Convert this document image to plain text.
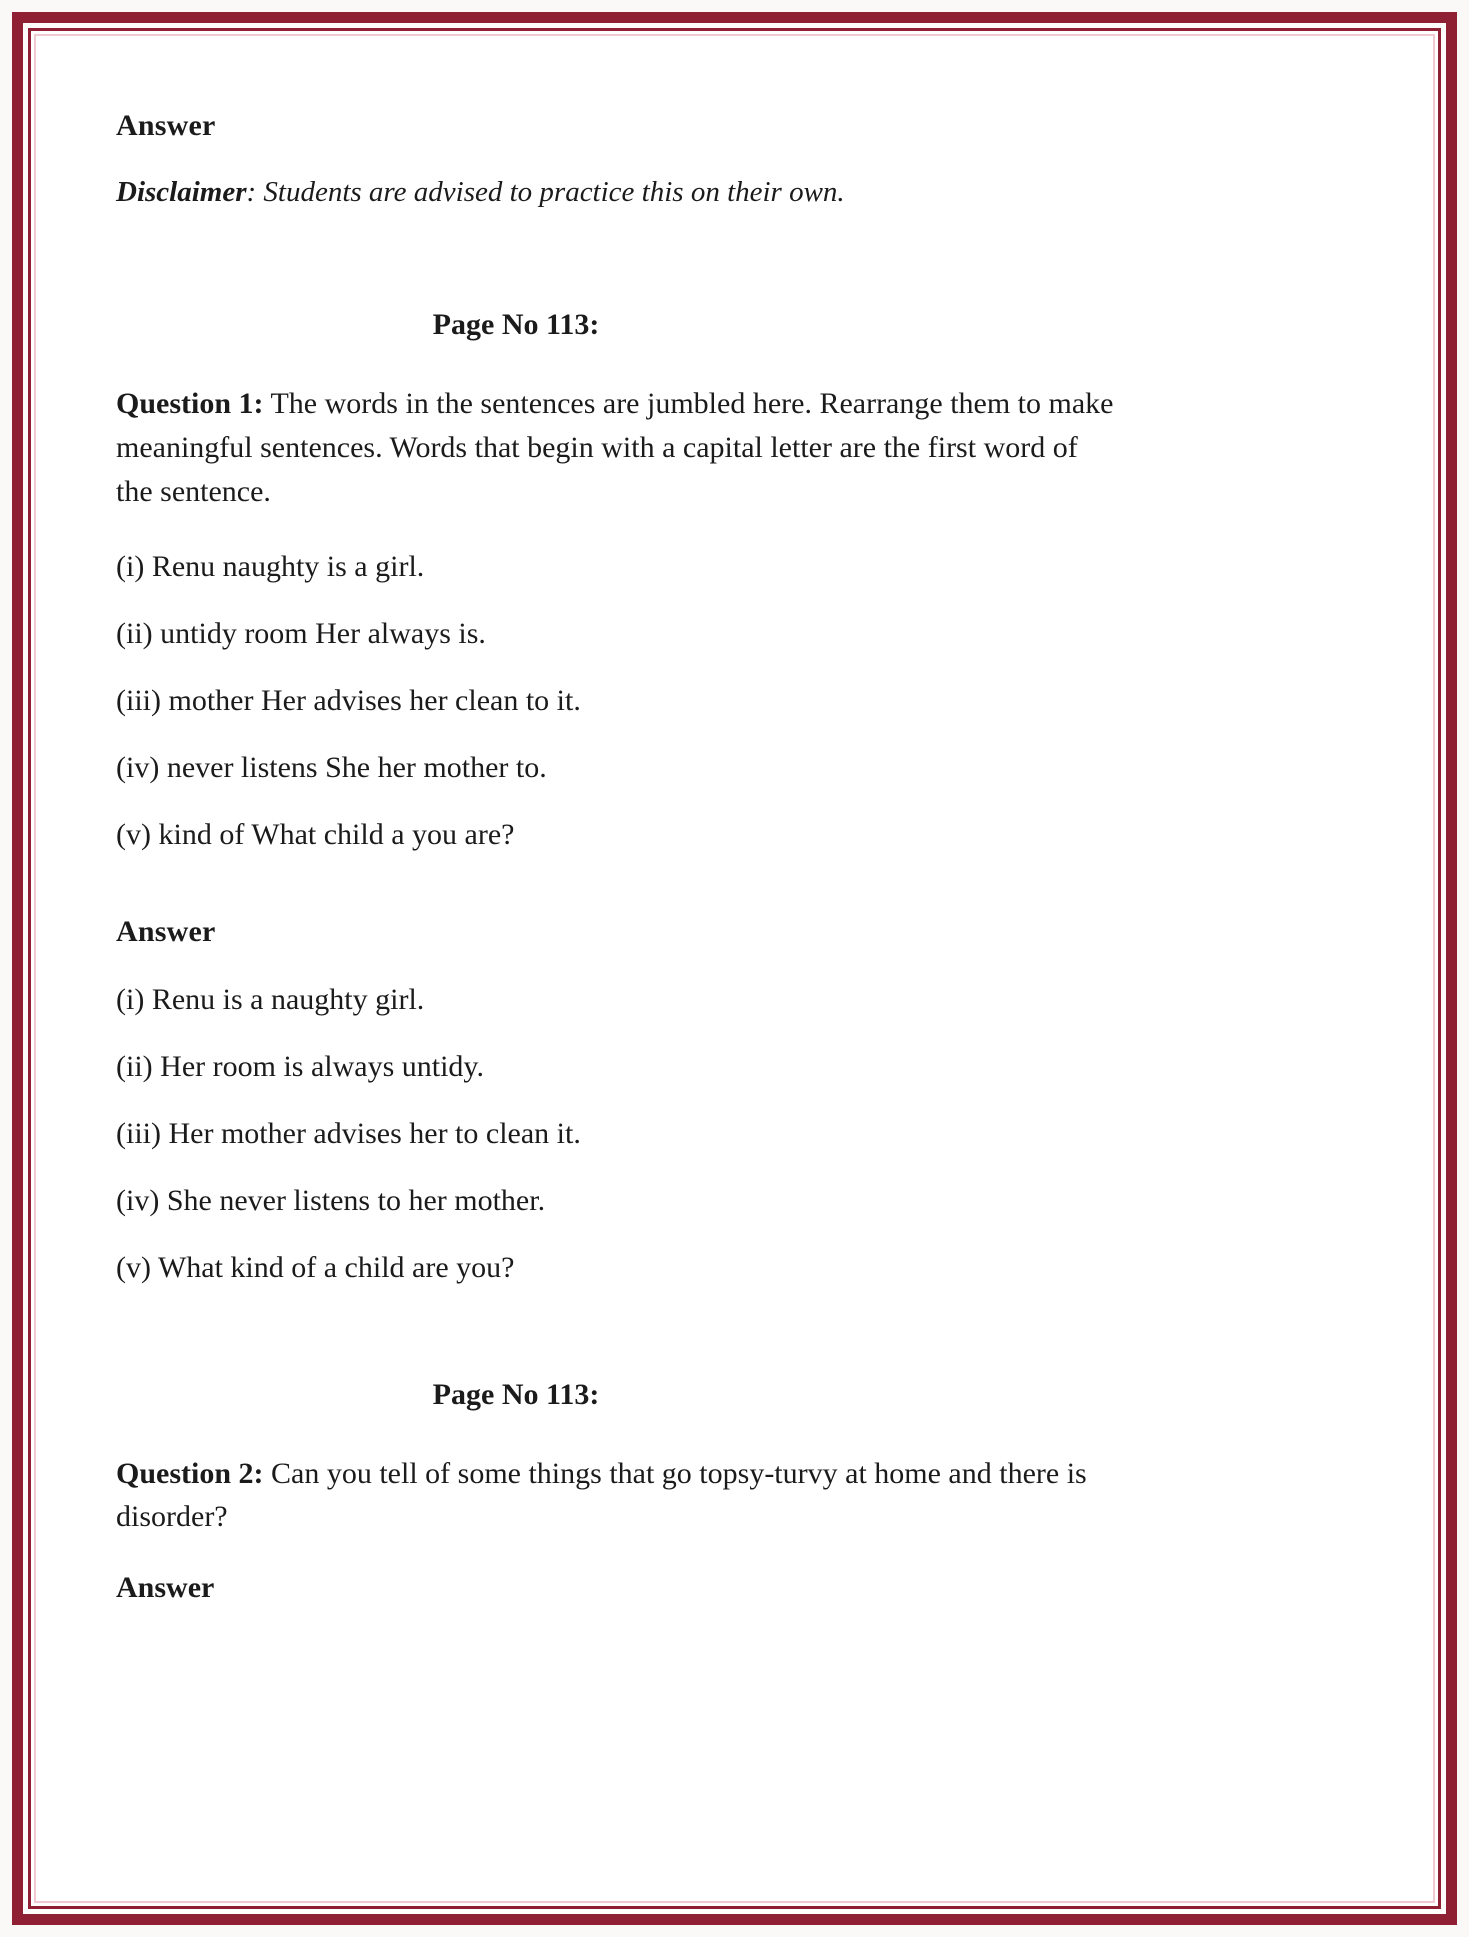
Answer

Disclaimer: Students are advised to practice this on their own.

Page No 113:

Question 1: The words in the sentences are jumbled here. Rearrange them to make meaningful sentences. Words that begin with a capital letter are the first word of the sentence.

(i) Renu naughty is a girl.
(ii) untidy room Her always is.
(iii) mother Her advises her clean to it.
(iv) never listens She her mother to.
(v) kind of What child a you are?
Answer
(i) Renu is a naughty girl.
(ii) Her room is always untidy.
(iii) Her mother advises her to clean it.
(iv) She never listens to her mother.
(v) What kind of a child are you?
Page No 113:

Question 2: Can you tell of some things that go topsy-turvy at home and there is disorder?

Answer
